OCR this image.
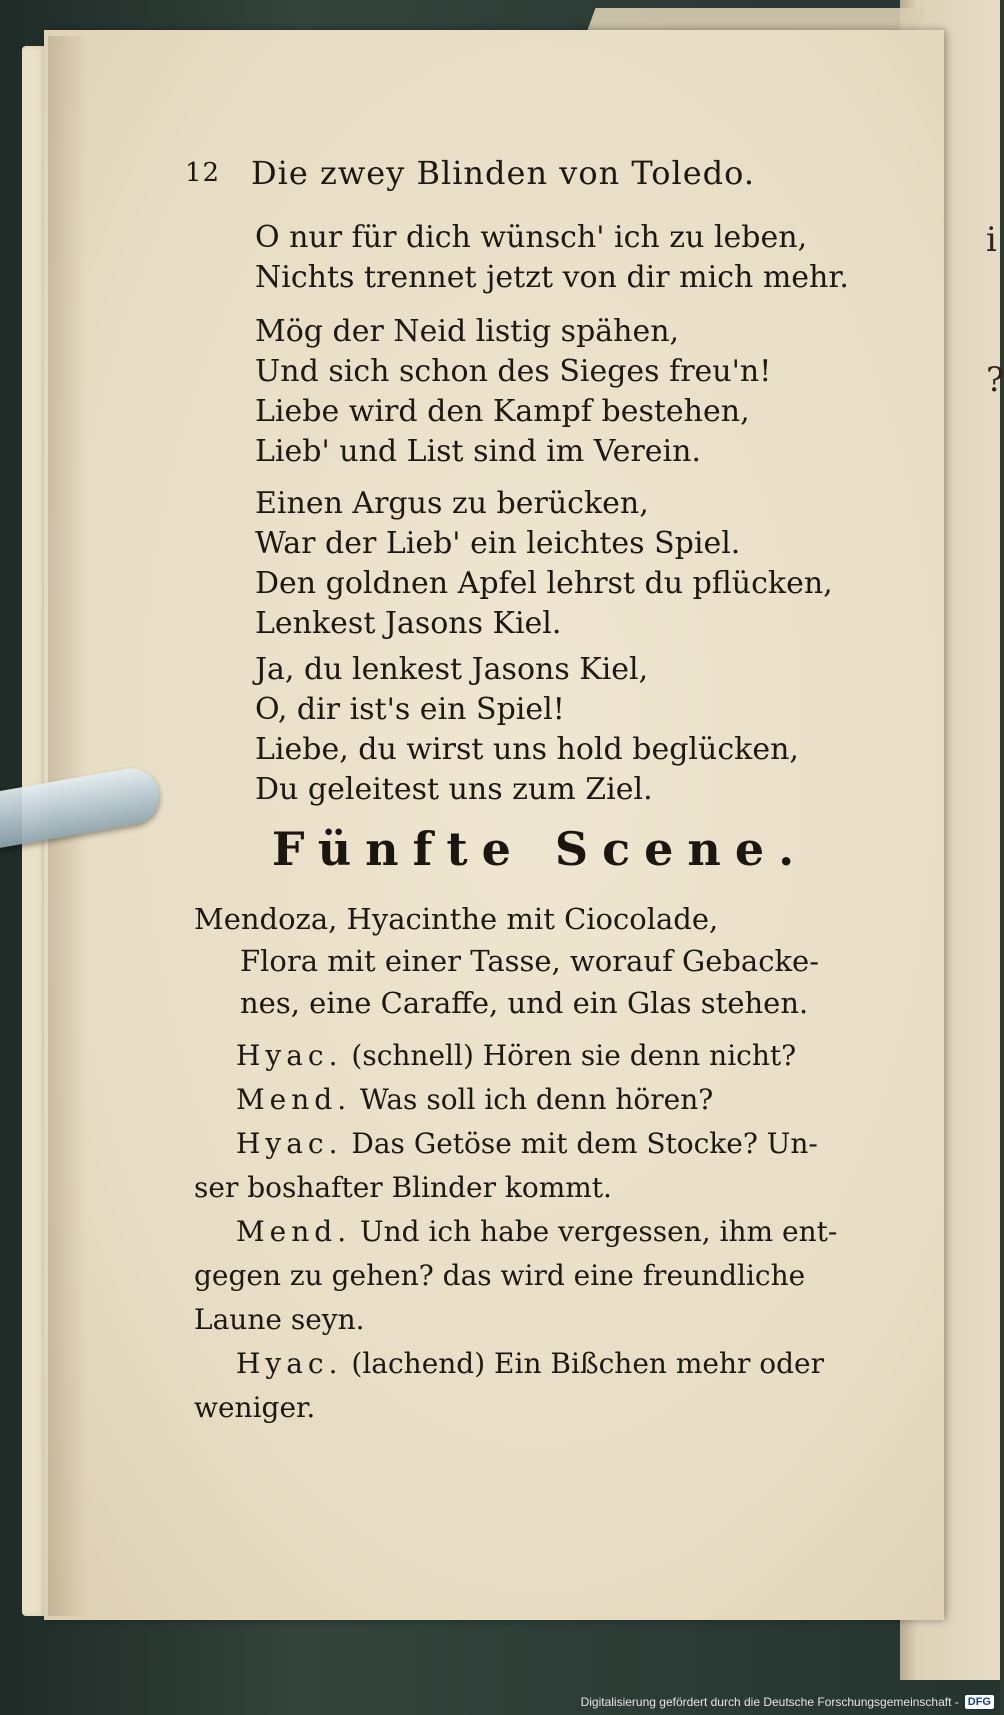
i
?
12 Die zwey Blinden von Toledo.
O nur für dich wünsch' ich zu leben,
Nichts trennet jetzt von dir mich mehr.
Mög der Neid listig spähen,
Und sich schon des Sieges freu'n!
Liebe wird den Kampf bestehen,
Lieb' und List sind im Verein.
Einen Argus zu berücken,
War der Lieb' ein leichtes Spiel.
Den goldnen Apfel lehrst du pflücken,
Lenkest Jasons Kiel.
Ja, du lenkest Jasons Kiel,
O, dir ist's ein Spiel!
Liebe, du wirst uns hold beglücken,
Du geleitest uns zum Ziel.
Fünfte Scene.
Mendoza, Hyacinthe mit Ciocolade,
Flora mit einer Tasse, worauf Gebacke-
nes, eine Caraffe, und ein Glas stehen.
Hyac. (schnell) Hören sie denn nicht?
Mend. Was soll ich denn hören?
Hyac. Das Getöse mit dem Stocke? Un-
ser boshafter Blinder kommt.
Mend. Und ich habe vergessen, ihm ent-
gegen zu gehen? das wird eine freundliche
Laune seyn.
Hyac. (lachend) Ein Bißchen mehr oder
weniger.
Digitalisierung gefördert durch die Deutsche Forschungsgemeinschaft - DFG
